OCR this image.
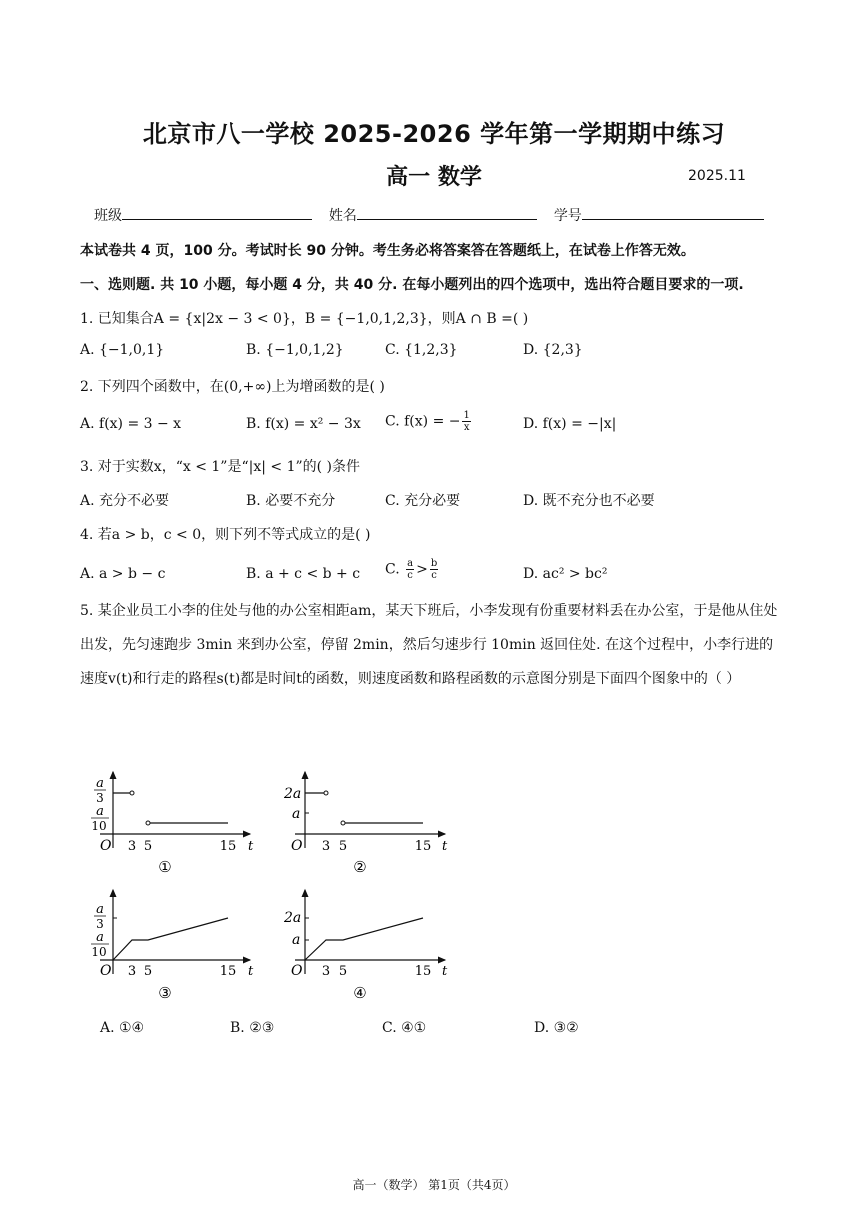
北京市八一学校 2025-2026 学年第一学期期中练习
高一 数学	2025.11
班级	姓名	学号
本试卷共 4 页，100 分。考试时长 90 分钟。考生务必将答案答在答题纸上，在试卷上作答无效。
一、选则题. 共 10 小题，每小题 4 分，共 40 分. 在每小题列出的四个选项中，选出符合题目要求的一项.
1. 已知集合A = {x|2x − 3 < 0}，B = {−1,0,1,2,3}，则A ∩ B =( )
A. {−1,0,1}	B. {−1,0,1,2}	C. {1,2,3}	D. {2,3}
2. 下列四个函数中，在(0,+∞)上为增函数的是( )
A. f(x) = 3 − x	B. f(x) = x² − 3x C. f(x) = − $\frac{1}{x}$	D. f(x) = −|x|
3. 对于实数x，“x < 1”是“|x| < 1”的( )条件
A. 充分不必要	B. 必要不充分	C. 充分必要	D. 既不充分也不必要
4. 若a > b，c < 0，则下列不等式成立的是( )
A. a > b − c	B. a + c < b + c C. $\frac{a}{c} > \frac{b}{c}$	D. ac² > bc²
5. 某企业员工小李的住处与他的办公室相距am，某天下班后，小李发现有份重要材料丢在办公室，于是他从住处出发，先匀速跑步 3min 来到办公室，停留 2min，然后匀速步行 10min 返回住处. 在这个过程中，小李行进的速度v(t)和行走的路程s(t)都是时间t的函数，则速度函数和路程函数的示意图分别是下面四个图象中的（ ）
a
3
a
10
O 3 5	15 t
①
2a
a
O 3 5	15 t
②
a
3
a
10
O 3 5	15 t
③
2a
a
O 3 5	15 t
④
A. ①④	B. ②③	C. ④①	D. ③②
高一（数学） 第1页（共4页）
